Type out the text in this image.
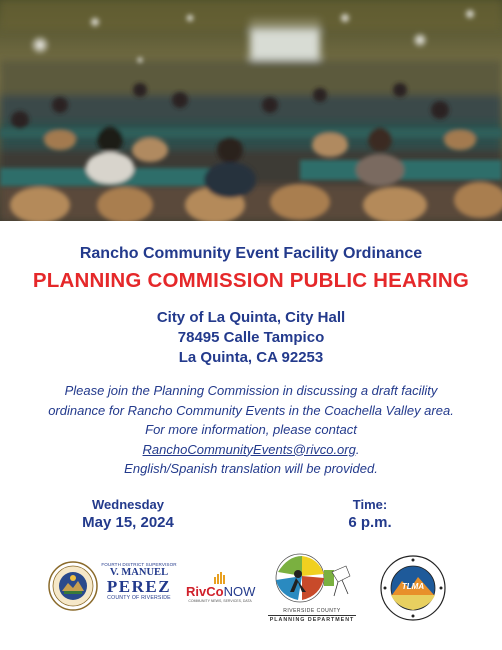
Rancho Community Event Facility Ordinance
PLANNING COMMISSION PUBLIC HEARING
City of La Quinta, City Hall
78495 Calle Tampico
La Quinta, CA 92253
Please join the Planning Commission in discussing a draft facility
ordinance for Rancho Community Events in the Coachella Valley area.
For more information, please contact
RanchoCommunityEvents@rivco.org.
English/Spanish translation will be provided.
Wednesday
May 15, 2024
Time:
6 p.m.
FOURTH DISTRICT SUPERVISOR
V. MANUEL
PEREZ
COUNTY OF RIVERSIDE	RivCoNOW
COMMUNITY NEWS, SERVICES, DATA
RIVERSIDE COUNTY
PLANNING DEPARTMENT
TLMA
